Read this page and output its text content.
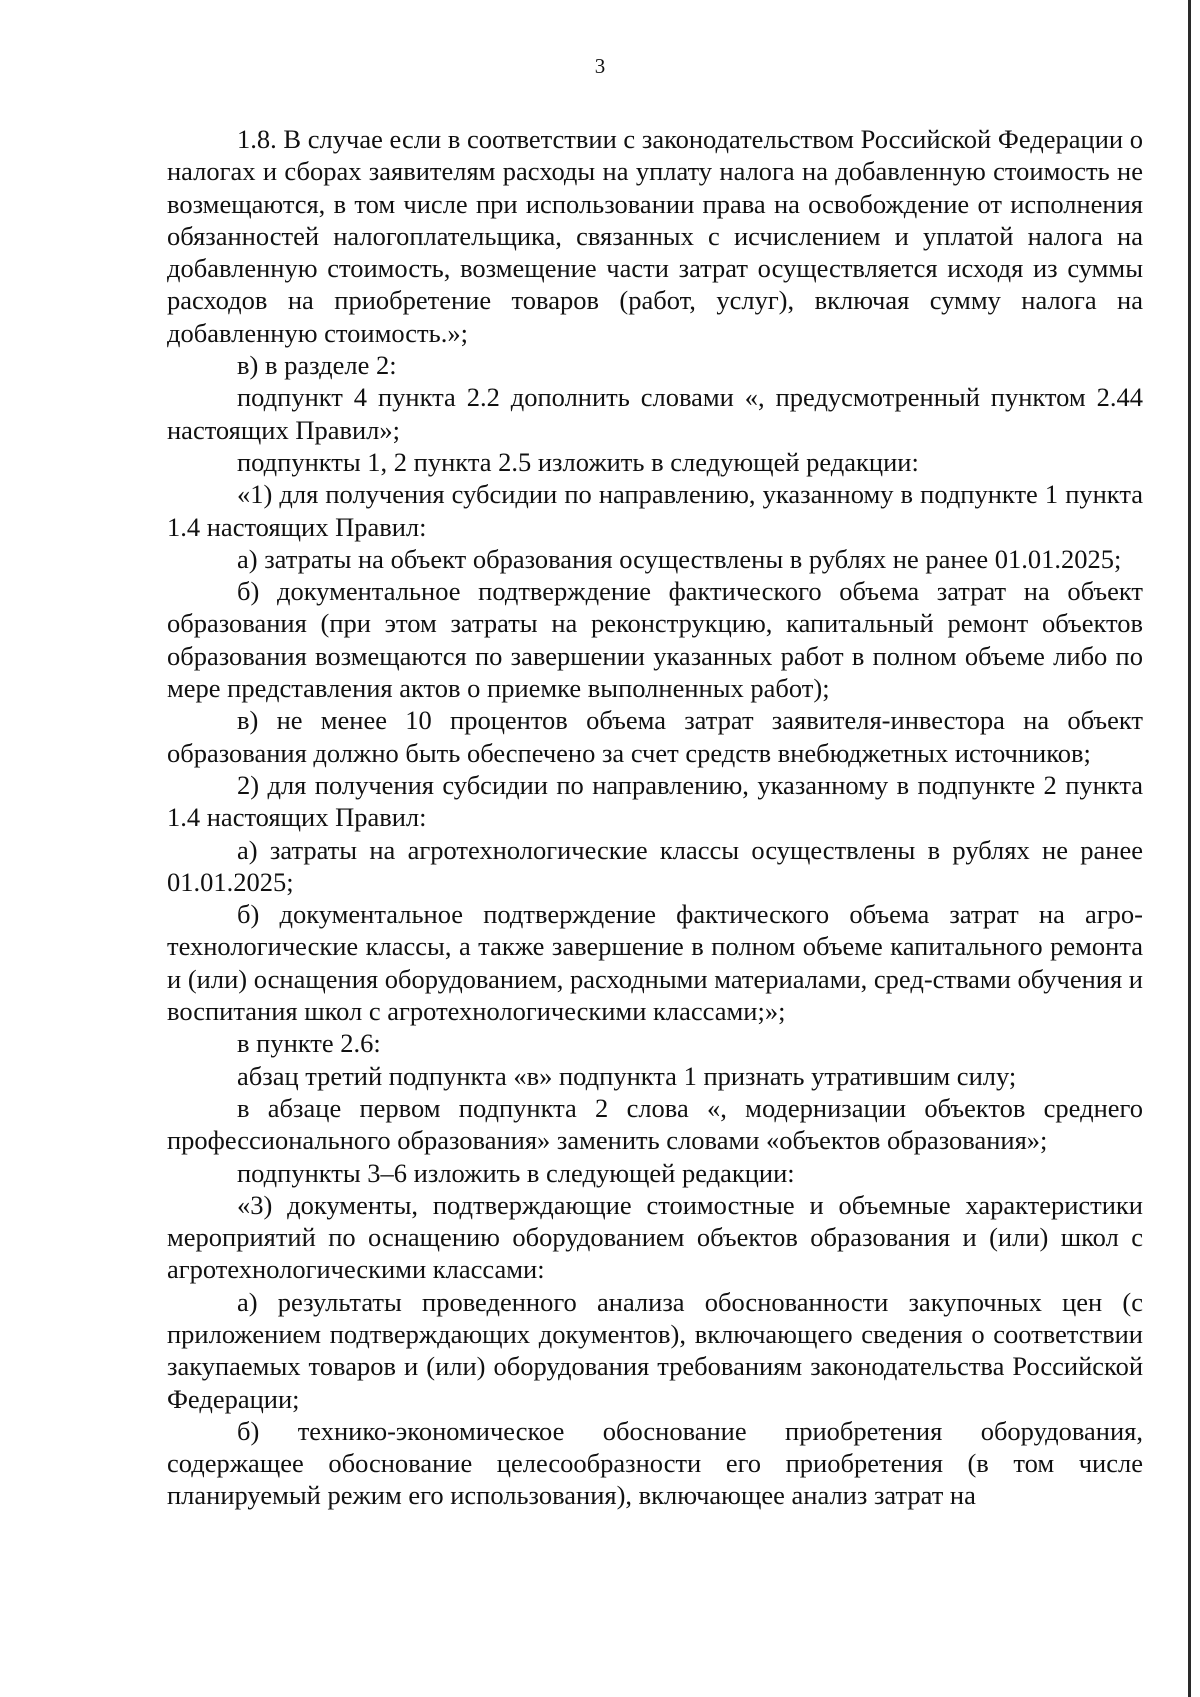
3

1.8. В случае если в соответствии с законодательством Российской Федерации о налогах и сборах заявителям расходы на уплату налога на добавленную стоимость не возмещаются, в том числе при использовании права на освобождение от исполнения обязанностей налогоплательщика, связанных с исчислением и уплатой налога на добавленную стоимость, возмещение части затрат осуществляется исходя из суммы расходов на приобретение товаров (работ, услуг), включая сумму налога на добавленную стоимость.»;

в) в разделе 2:

подпункт 4 пункта 2.2 дополнить словами «, предусмотренный пунктом 2.44 настоящих Правил»;

подпункты 1, 2 пункта 2.5 изложить в следующей редакции:

«1) для получения субсидии по направлению, указанному в подпункте 1 пункта 1.4 настоящих Правил:

а) затраты на объект образования осуществлены в рублях не ранее 01.01.2025;

б) документальное подтверждение фактического объема затрат на объект образования (при этом затраты на реконструкцию, капитальный ремонт объектов образования возмещаются по завершении указанных работ в полном объеме либо по мере представления актов о приемке выполненных работ);

в) не менее 10 процентов объема затрат заявителя-инвестора на объект образования должно быть обеспечено за счет средств внебюджетных источников;

2) для получения субсидии по направлению, указанному в подпункте 2 пункта 1.4 настоящих Правил:

а) затраты на агротехнологические классы осуществлены в рублях не ранее 01.01.2025;

б) документальное подтверждение фактического объема затрат на агро-технологические классы, а также завершение в полном объеме капитального ремонта и (или) оснащения оборудованием, расходными материалами, сред-ствами обучения и воспитания школ с агротехнологическими классами;»;

в пункте 2.6:

абзац третий подпункта «в» подпункта 1 признать утратившим силу;

в абзаце первом подпункта 2 слова «, модернизации объектов среднего профессионального образования» заменить словами «объектов образования»;

подпункты 3–6 изложить в следующей редакции:

«3) документы, подтверждающие стоимостные и объемные характеристики мероприятий по оснащению оборудованием объектов образования и (или) школ с агротехнологическими классами:

а) результаты проведенного анализа обоснованности закупочных цен (с приложением подтверждающих документов), включающего сведения о соответствии закупаемых товаров и (или) оборудования требованиям законодательства Российской Федерации;

б) технико-экономическое обоснование приобретения оборудования, содержащее обоснование целесообразности его приобретения (в том числе планируемый режим его использования), включающее анализ затрат на
